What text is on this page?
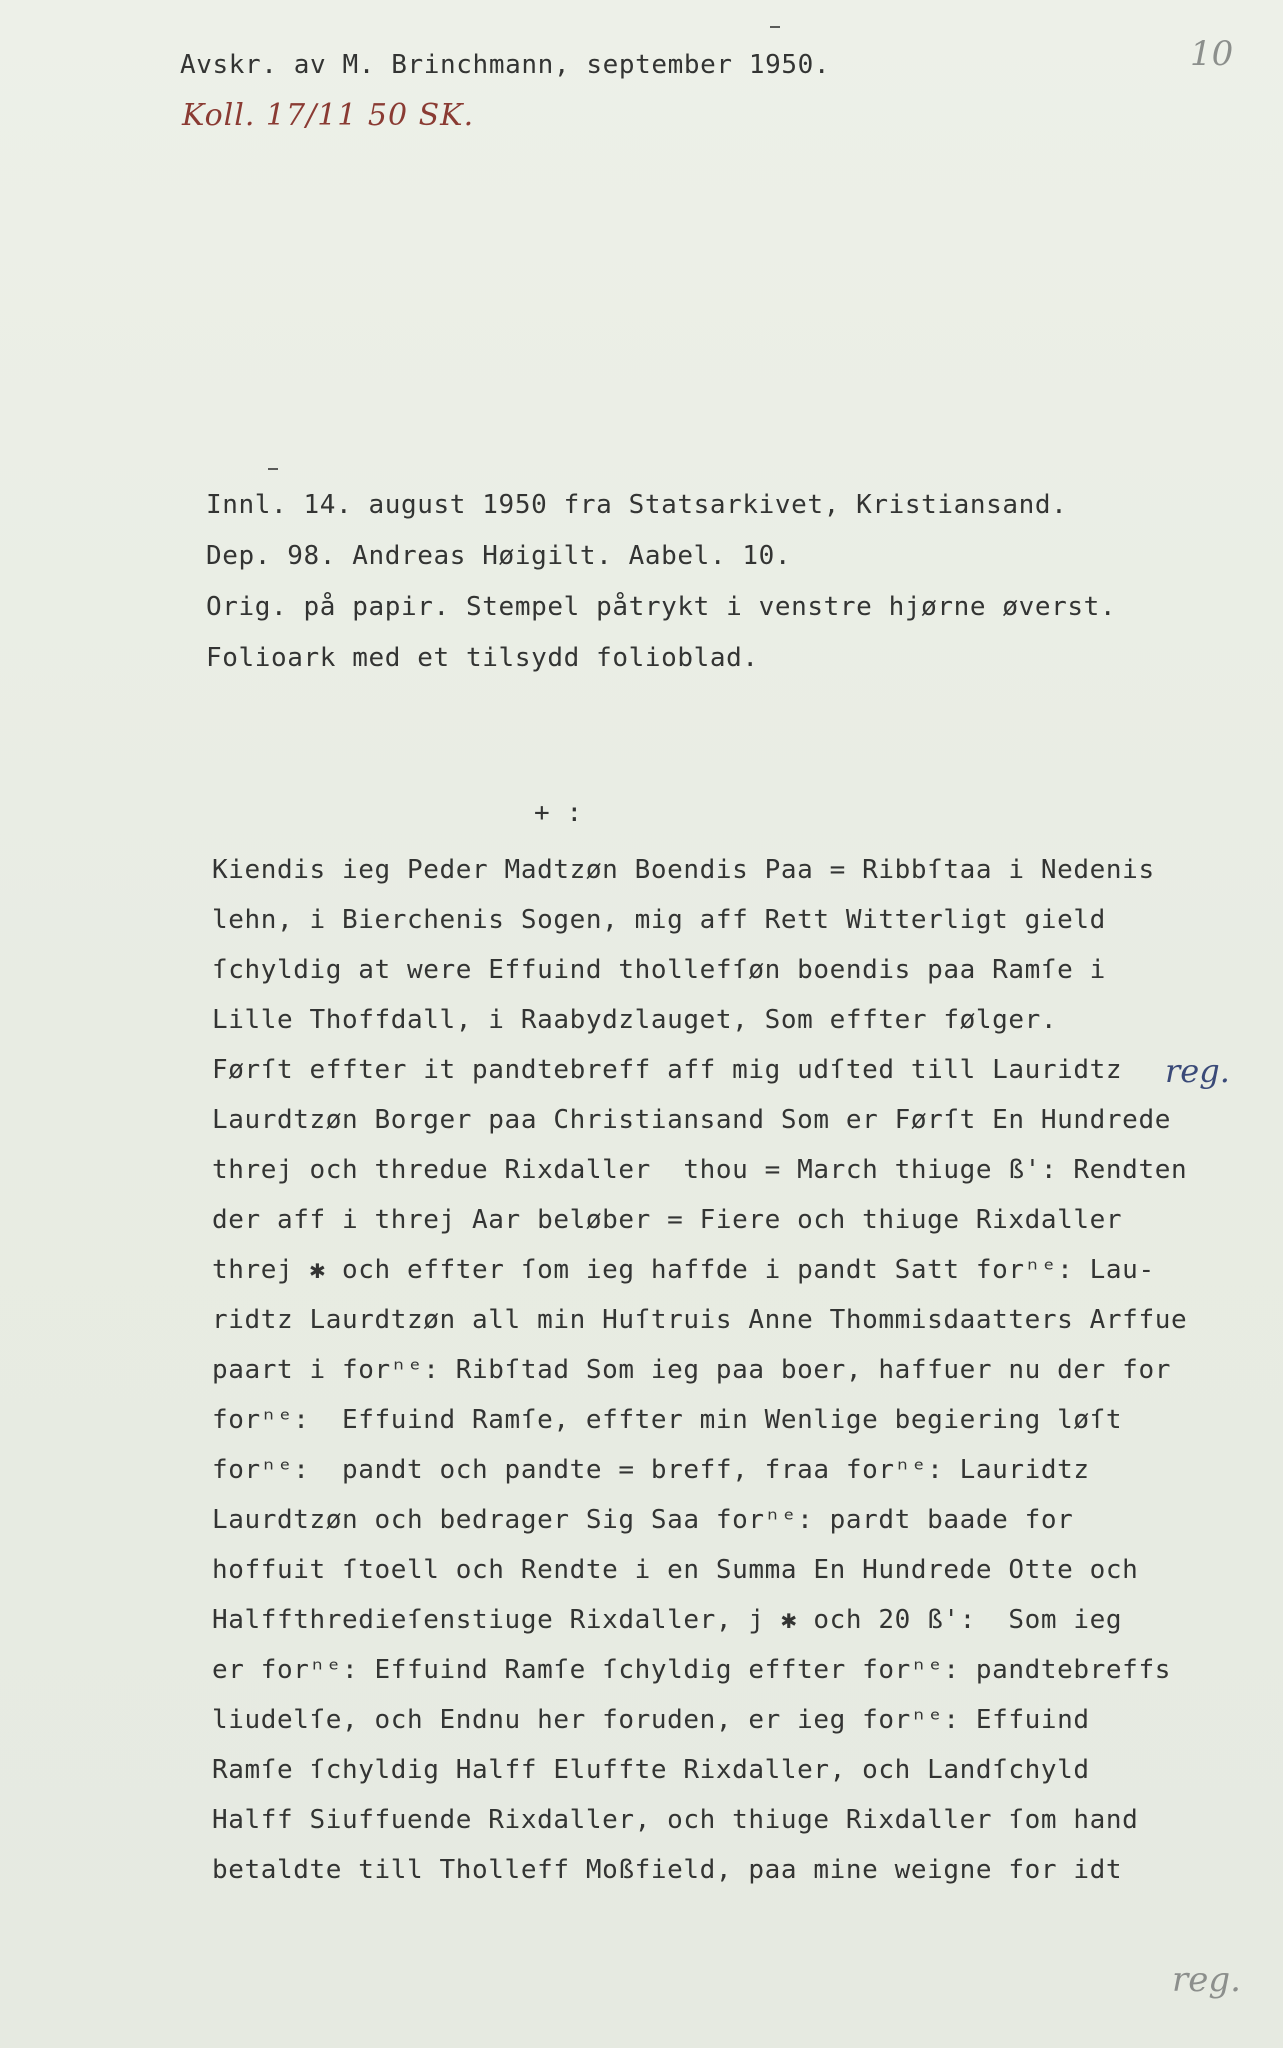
Avskr. av M. Brinchmann, september 1950.
Koll. 17/11 50 SK.
10
Innl. 14. august 1950 fra Statsarkivet, Kristiansand.
Dep. 98. Andreas Høigilt. Aabel. 10.
Orig. på papir. Stempel påtrykt i venstre hjørne øverst.
Folioark med et tilsydd folioblad.
+ :
Kiendis ieg Peder Madtzøn Boendis Paa = Ribbſtaa i Nedenis
lehn, i Bierchenis Sogen, mig aff Rett Witterligt gield
ſchyldig at were Effuind thollefſøn boendis paa Ramſe i
Lille Thoffdall, i Raabydzlauget, Som effter følger.
Førſt effter it pandtebreff aff mig udſted till Lauridtz
Laurdtzøn Borger paa Christiansand Som er Førſt En Hundrede
threj och thredue Rixdaller  thou = March thiuge ß': Rendten
der aff i threj Aar beløber = Fiere och thiuge Rixdaller
threj ✱ och effter ſom ieg haffde i pandt Satt forⁿᵉ: Lau-
ridtz Laurdtzøn all min Huſtruis Anne Thommisdaatters Arffue
paart i forⁿᵉ: Ribſtad Som ieg paa boer, haffuer nu der for
forⁿᵉ:  Effuind Ramſe, effter min Wenlige begiering løſt
forⁿᵉ:  pandt och pandte = breff, fraa forⁿᵉ: Lauridtz
Laurdtzøn och bedrager Sig Saa forⁿᵉ: pardt baade for
hoffuit ſtoell och Rendte i en Summa En Hundrede Otte och
Halffthredieſenstiuge Rixdaller, j ✱ och 20 ß':  Som ieg
er forⁿᵉ: Effuind Ramſe ſchyldig effter forⁿᵉ: pandtebreffs
liudelſe, och Endnu her foruden, er ieg forⁿᵉ: Effuind
Ramſe ſchyldig Halff Eluffte Rixdaller, och Landſchyld
Halff Siuffuende Rixdaller, och thiuge Rixdaller ſom hand
betaldte till Tholleff Moßfield, paa mine weigne for idt
reg.
reg.
